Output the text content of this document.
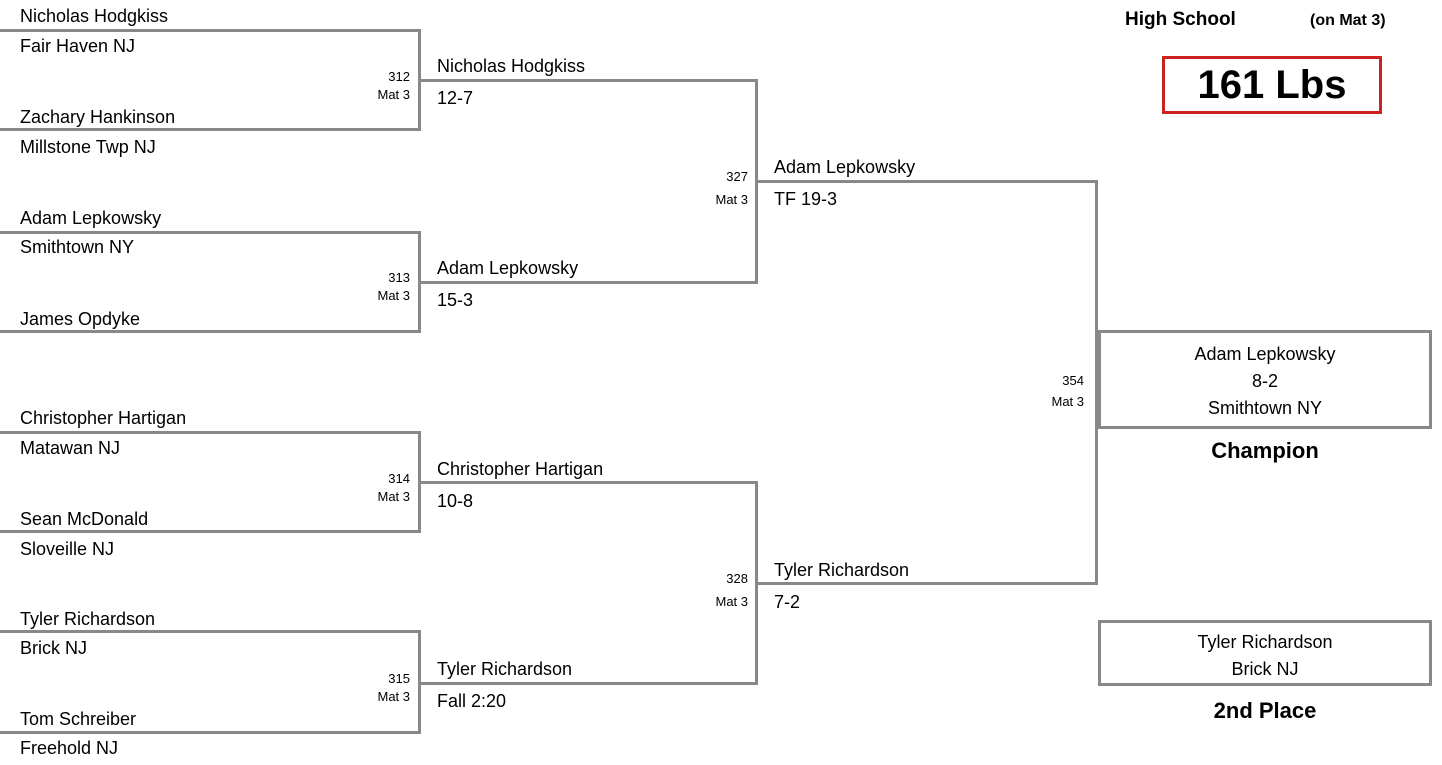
High School	(on Mat 3)
161 Lbs
Nicholas Hodgkiss
Fair Haven NJ
312
Mat 3
Zachary Hankinson
Millstone Twp NJ
Adam Lepkowsky
Smithtown NY
313
Mat 3
James Opdyke
Christopher Hartigan
Matawan NJ
314
Mat 3
Sean McDonald
Sloveille NJ
Tyler Richardson
Brick NJ
315
Mat 3
Tom Schreiber
Freehold NJ
Nicholas Hodgkiss
12-7
Adam Lepkowsky
15-3
327
Mat 3
Christopher Hartigan
10-8
Tyler Richardson
Fall 2:20
328
Mat 3
Adam Lepkowsky
TF 19-3
Tyler Richardson
7-2
354
Mat 3
Adam Lepkowsky
8-2
Smithtown NY
Champion
Tyler Richardson
Brick NJ
2nd Place
